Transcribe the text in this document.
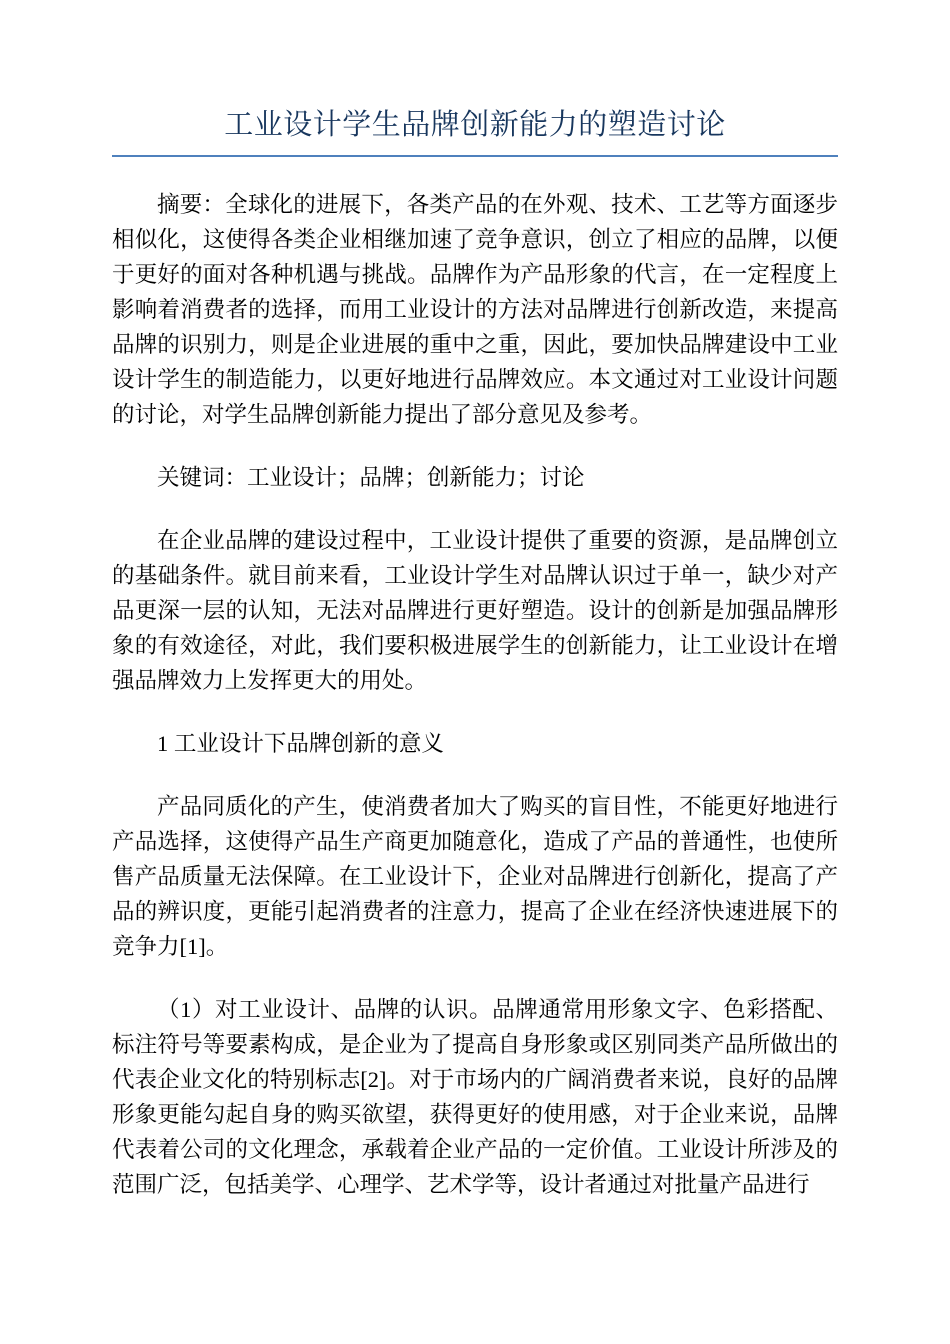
工业设计学生品牌创新能力的塑造讨论

摘要：全球化的进展下，各类产品的在外观、技术、工艺等方面逐步相似化，这使得各类企业相继加速了竞争意识，创立了相应的品牌，以便于更好的面对各种机遇与挑战。品牌作为产品形象的代言，在一定程度上影响着消费者的选择，而用工业设计的方法对品牌进行创新改造，来提高品牌的识别力，则是企业进展的重中之重，因此，要加快品牌建设中工业设计学生的制造能力，以更好地进行品牌效应。本文通过对工业设计问题的讨论，对学生品牌创新能力提出了部分意见及参考。

关键词：工业设计；品牌；创新能力；讨论

在企业品牌的建设过程中，工业设计提供了重要的资源，是品牌创立的基础条件。就目前来看，工业设计学生对品牌认识过于单一，缺少对产品更深一层的认知，无法对品牌进行更好塑造。设计的创新是加强品牌形象的有效途径，对此，我们要积极进展学生的创新能力，让工业设计在增强品牌效力上发挥更大的用处。

1 工业设计下品牌创新的意义

产品同质化的产生，使消费者加大了购买的盲目性，不能更好地进行产品选择，这使得产品生产商更加随意化，造成了产品的普通性，也使所售产品质量无法保障。在工业设计下，企业对品牌进行创新化，提高了产品的辨识度，更能引起消费者的注意力，提高了企业在经济快速进展下的竞争力[1]。

（1）对工业设计、品牌的认识。品牌通常用形象文字、色彩搭配、标注符号等要素构成，是企业为了提高自身形象或区别同类产品所做出的代表企业文化的特别标志[2]。对于市场内的广阔消费者来说，良好的品牌形象更能勾起自身的购买欲望，获得更好的使用感，对于企业来说，品牌代表着公司的文化理念，承载着企业产品的一定价值。工业设计所涉及的范围广泛，包括美学、心理学、艺术学等，设计者通过对批量产品进行
